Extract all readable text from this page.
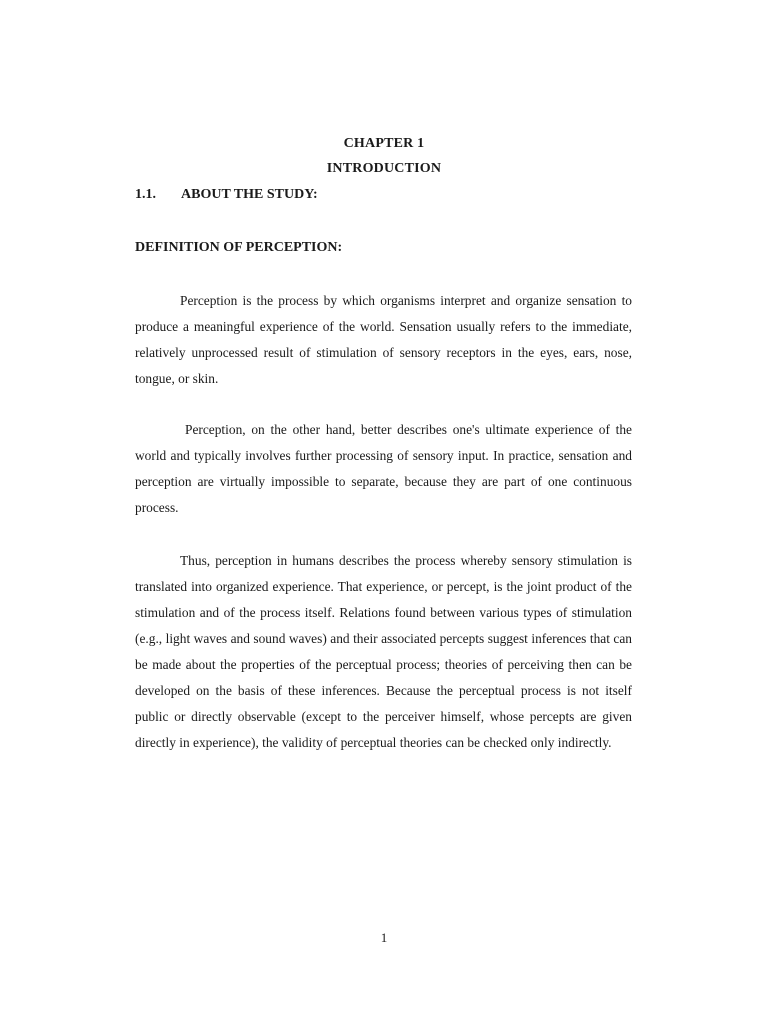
CHAPTER 1
INTRODUCTION
1.1. ABOUT THE STUDY:
DEFINITION OF PERCEPTION:

Perception is the process by which organisms interpret and organize sensation to produce a meaningful experience of the world. Sensation usually refers to the immediate, relatively unprocessed result of stimulation of sensory receptors in the eyes, ears, nose, tongue, or skin.

Perception, on the other hand, better describes one's ultimate experience of the world and typically involves further processing of sensory input. In practice, sensation and perception are virtually impossible to separate, because they are part of one continuous process.

Thus, perception in humans describes the process whereby sensory stimulation is translated into organized experience. That experience, or percept, is the joint product of the stimulation and of the process itself. Relations found between various types of stimulation (e.g., light waves and sound waves) and their associated percepts suggest inferences that can be made about the properties of the perceptual process; theories of perceiving then can be developed on the basis of these inferences. Because the perceptual process is not itself public or directly observable (except to the perceiver himself, whose percepts are given directly in experience), the validity of perceptual theories can be checked only indirectly.

1
